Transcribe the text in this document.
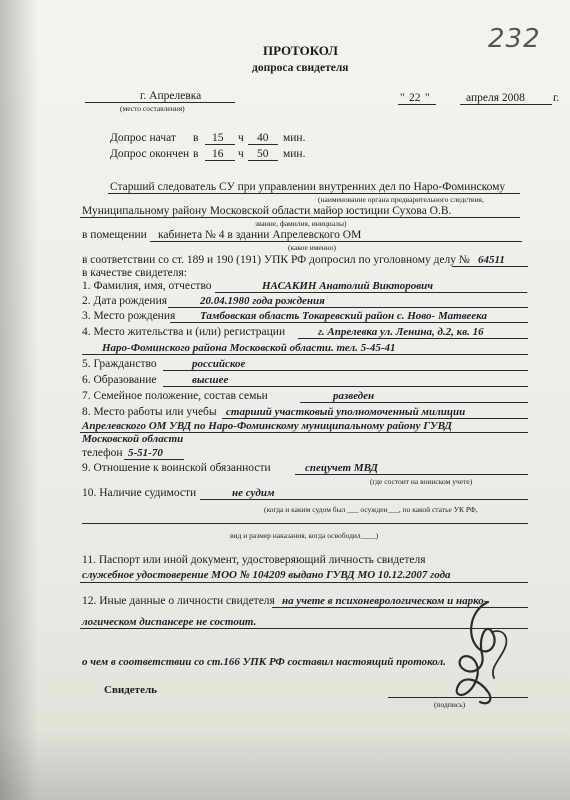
232
ПРОТОКОЛ
допроса свидетеля
г. Апрелевка
(место составления)
" 22 "	апреля 2008 г.
Допрос начат в 15 ч 40 мин.
Допрос окончен в 16 ч 50 мин.
Старший следователь СУ при управлении внутренних дел по Наро-Фоминскому
(наименование органа предварительного следствия,
Муниципальному району Московской области майор юстиции Сухова О.В.
звание, фамилия, инициалы)
в помещении кабинета № 4 в здании Апрелевского ОМ
(какое именно)
в соответствии со ст. 189 и 190 (191) УПК РФ допросил по уголовному делу № 64511
в качестве свидетеля:
1. Фамилия, имя, отчество	НАСАКИН Анатолий Викторович
2. Дата рождения	20.04.1980 года рождения
3. Место рождения Тамбовская область Токаревский район с. Ново- Матвеека
4. Место жительства и (или) регистрации	г. Апрелевка ул. Ленина, д.2, кв. 16
Наро-Фоминского района Московской области. тел. 5-45-41
5. Гражданство	российское
6. Образование	высшее
7. Семейное положение, состав семьи	разведен
8. Место работы или учебы старший участковый уполномоченный милиции
Апрелевского ОМ УВД по Наро-Фоминскому муниципальному району ГУВД
Московской области
телефон 5-51-70
9. Отношение к воинской обязанности	спецучет МВД
(где состоит на воинском учете)
10. Наличие судимости	не судим
(когда и каким судом был ___ осужден___, по какой статье УК РФ,
вид и размер наказания, когда освободил____)
11. Паспорт или иной документ, удостоверяющий личность свидетеля
служебное удостоверение МОО № 104209 выдано ГУВД МО 10.12.2007 года
12. Иные данные о личности свидетеля на учете в психоневрологическом и нарко-
логическом диспансере не состоит.
о чем в соответствии со ст.166 УПК РФ составил настоящий протокол.
Свидетель
(подпись)
